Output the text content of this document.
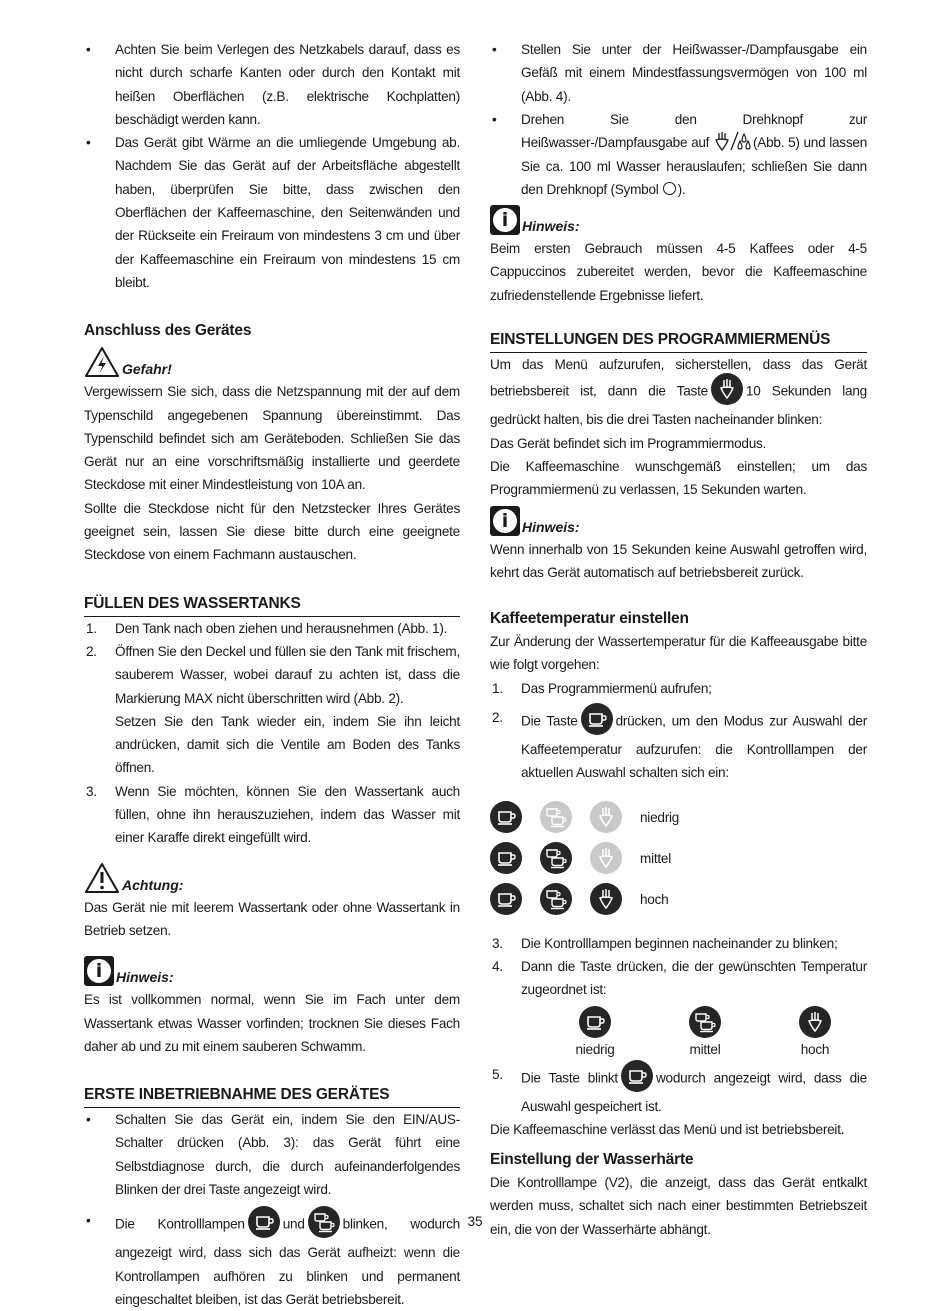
• Achten Sie beim Verlegen des Netzkabels darauf, dass es nicht durch scharfe Kanten oder durch den Kontakt mit heißen Oberflächen (z.B. elektrische Kochplatten) beschädigt werden kann.
• Das Gerät gibt Wärme an die umliegende Umgebung ab. Nachdem Sie das Gerät auf der Arbeitsfläche abgestellt haben, überprüfen Sie bitte, dass zwischen den Oberflächen der Kaffeemaschine, den Seitenwänden und der Rückseite ein Freiraum von mindestens 3 cm und über der Kaffeemaschine ein Freiraum von mindestens 15 cm bleibt.
Anschluss des Gerätes
Gefahr!

Vergewissern Sie sich, dass die Netzspannung mit der auf dem Typenschild angegebenen Spannung übereinstimmt. Das Typenschild befindet sich am Geräteboden. Schließen Sie das Gerät nur an eine vorschriftsmäßig installierte und geerdete Steckdose mit einer Mindestleistung von 10A an.

Sollte die Steckdose nicht für den Netzstecker Ihres Gerätes geeignet sein, lassen Sie diese bitte durch eine geeignete Steckdose von einem Fachmann austauschen.

FÜLLEN DES WASSERTANKS
1. Den Tank nach oben ziehen und herausnehmen (Abb. 1).
2. Öffnen Sie den Deckel und füllen sie den Tank mit frischem, sauberem Wasser, wobei darauf zu achten ist, dass die Markierung MAX nicht überschritten wird (Abb. 2).
Setzen Sie den Tank wieder ein, indem Sie ihn leicht andrücken, damit sich die Ventile am Boden des Tanks öffnen.
3. Wenn Sie möchten, können Sie den Wassertank auch füllen, ohne ihn herauszuziehen, indem das Wasser mit einer Karaffe direkt eingefüllt wird.
Achtung:

Das Gerät nie mit leerem Wassertank oder ohne Wassertank in Betrieb setzen.

i
Hinweis:

Es ist vollkommen normal, wenn Sie im Fach unter dem Wassertank etwas Wasser vorfinden; trocknen Sie dieses Fach daher ab und zu mit einem sauberen Schwamm.

ERSTE INBETRIEBNAHME DES GERÄTES
• Schalten Sie das Gerät ein, indem Sie den EIN/AUS-Schalter drücken (Abb. 3): das Gerät führt eine Selbstdiagnose durch, die durch aufeinanderfolgendes Blinken der drei Taste angezeigt wird.
• Die Kontrolllampen	und	blinken, wodurch angezeigt wird, dass sich das Gerät aufheizt: wenn die Kontrollampen aufhören zu blinken und permanent eingeschaltet bleiben, ist das Gerät betriebsbereit.
• Stellen Sie unter der Heißwasser-/Dampfausgabe ein Gefäß mit einem Mindestfassungsvermögen von 100 ml (Abb. 4).
• Drehen Sie den Drehknopf zur Heißwasser-/Dampfausgabe auf	(Abb. 5) und lassen Sie ca. 100 ml Wasser herauslaufen; schließen Sie dann den Drehknopf (Symbol ).
i
Hinweis:

Beim ersten Gebrauch müssen 4-5 Kaffees oder 4-5 Cappuccinos zubereitet werden, bevor die Kaffeemaschine zufriedenstellende Ergebnisse liefert.

EINSTELLUNGEN DES PROGRAMMIERMENÜS

Um das Menü aufzurufen, sicherstellen, dass das Gerät betriebsbereit ist, dann die Taste	10 Sekunden lang gedrückt halten, bis die drei Tasten nacheinander blinken:

Das Gerät befindet sich im Programmiermodus.

Die Kaffeemaschine wunschgemäß einstellen; um das Programmiermenü zu verlassen, 15 Sekunden warten.

i
Hinweis:

Wenn innerhalb von 15 Sekunden keine Auswahl getroffen wird, kehrt das Gerät automatisch auf betriebsbereit zurück.

Kaffeetemperatur einstellen

Zur Änderung der Wassertemperatur für die Kaffeeausgabe bitte wie folgt vorgehen:

1. Das Programmiermenü aufrufen;
2. Die Taste	drücken, um den Modus zur Auswahl der Kaffeetemperatur aufzurufen: die Kontrolllampen der aktuellen Auswahl schalten sich ein:
niedrig
mittel
hoch
3. Die Kontrolllampen beginnen nacheinander zu blinken;
4. Dann die Taste drücken, die der gewünschten Temperatur zugeordnet ist:
niedrig	mittel	hoch
5. Die Taste blinkt	wodurch angezeigt wird, dass die Auswahl gespeichert ist.

Die Kaffeemaschine verlässt das Menü und ist betriebsbereit.

Einstellung der Wasserhärte

Die Kontrolllampe (V2), die anzeigt, dass das Gerät entkalkt werden muss, schaltet sich nach einer bestimmten Betriebszeit ein, die von der Wasserhärte abhängt.

35
